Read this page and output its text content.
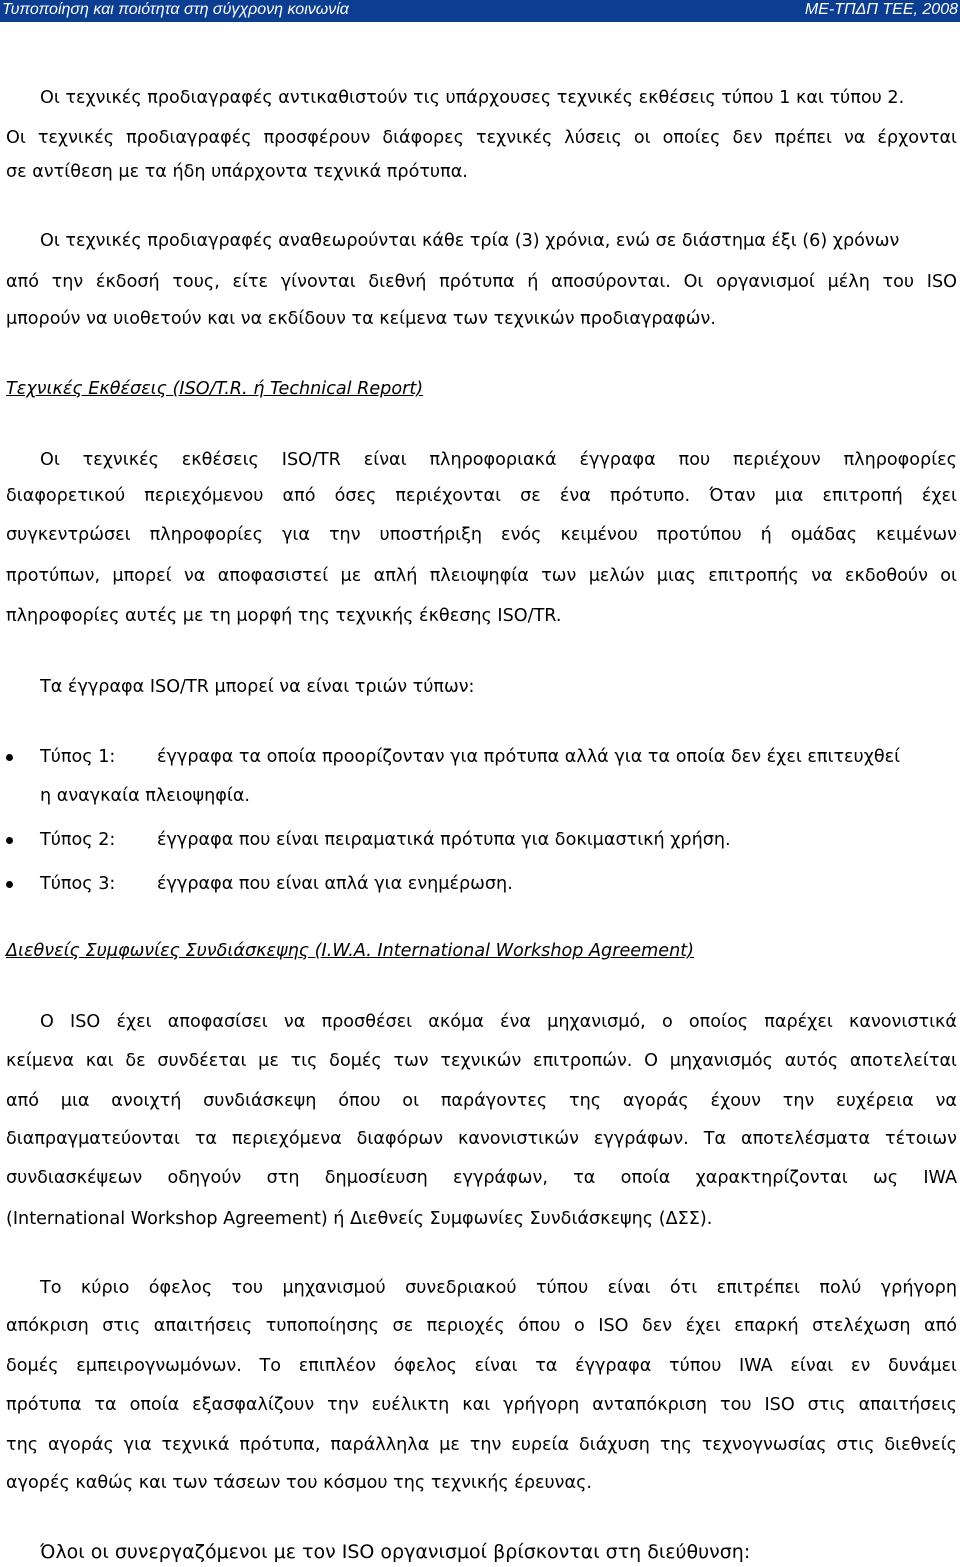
Τυποποίηση και ποιότητα στη σύγχρονη κοινωνία	ΜΕ-ΤΠΔΠ ΤΕΕ, 2008
Οι τεχνικές προδιαγραφές αντικαθιστούν τις υπάρχουσες τεχνικές εκθέσεις τύπου 1 και τύπου 2.
Οι τεχνικές προδιαγραφές προσφέρουν διάφορες τεχνικές λύσεις οι οποίες δεν πρέπει να έρχονται
σε αντίθεση με τα ήδη υπάρχοντα τεχνικά πρότυπα.
Οι τεχνικές προδιαγραφές αναθεωρούνται κάθε τρία (3) χρόνια, ενώ σε διάστημα έξι (6) χρόνων
από την έκδοσή τους, είτε γίνονται διεθνή πρότυπα ή αποσύρονται. Οι οργανισμοί μέλη του ISO
μπορούν να υιοθετούν και να εκδίδουν τα κείμενα των τεχνικών προδιαγραφών.
Τεχνικές Εκθέσεις (ISO/T.R. ή Technical Report)
Οι τεχνικές εκθέσεις ISO/TR είναι πληροφοριακά έγγραφα που περιέχουν πληροφορίες
διαφορετικού περιεχόμενου από όσες περιέχονται σε ένα πρότυπο. Όταν μια επιτροπή έχει
συγκεντρώσει πληροφορίες για την υποστήριξη ενός κειμένου προτύπου ή ομάδας κειμένων
προτύπων, μπορεί να αποφασιστεί με απλή πλειοψηφία των μελών μιας επιτροπής να εκδοθούν οι
πληροφορίες αυτές με τη μορφή της τεχνικής έκθεσης ISO/TR.
Τα έγγραφα ISO/TR μπορεί να είναι τριών τύπων:
Τύπος 1: έγγραφα τα οποία προορίζονταν για πρότυπα αλλά για τα οποία δεν έχει επιτευχθεί
η αναγκαία πλειοψηφία.
Τύπος 2: έγγραφα που είναι πειραματικά πρότυπα για δοκιμαστική χρήση.
Τύπος 3: έγγραφα που είναι απλά για ενημέρωση.
Διεθνείς Συμφωνίες Συνδιάσκεψης (I.W.A. International Workshop Agreement)
Ο ISO έχει αποφασίσει να προσθέσει ακόμα ένα μηχανισμό, ο οποίος παρέχει κανονιστικά
κείμενα και δε συνδέεται με τις δομές των τεχνικών επιτροπών. Ο μηχανισμός αυτός αποτελείται
από μια ανοιχτή συνδιάσκεψη όπου οι παράγοντες της αγοράς έχουν την ευχέρεια να
διαπραγματεύονται τα περιεχόμενα διαφόρων κανονιστικών εγγράφων. Τα αποτελέσματα τέτοιων
συνδιασκέψεων οδηγούν στη δημοσίευση εγγράφων, τα οποία χαρακτηρίζονται ως IWA
(International Workshop Agreement) ή Διεθνείς Συμφωνίες Συνδιάσκεψης (ΔΣΣ).
Το κύριο όφελος του μηχανισμού συνεδριακού τύπου είναι ότι επιτρέπει πολύ γρήγορη
απόκριση στις απαιτήσεις τυποποίησης σε περιοχές όπου ο ISO δεν έχει επαρκή στελέχωση από
δομές εμπειρογνωμόνων. Το επιπλέον όφελος είναι τα έγγραφα τύπου IWA είναι εν δυνάμει
πρότυπα τα οποία εξασφαλίζουν την ευέλικτη και γρήγορη ανταπόκριση του ISO στις απαιτήσεις
της αγοράς για τεχνικά πρότυπα, παράλληλα με την ευρεία διάχυση της τεχνογνωσίας στις διεθνείς
αγορές καθώς και των τάσεων του κόσμου της τεχνικής έρευνας.
Όλοι οι συνεργαζόμενοι με τον ISO οργανισμοί βρίσκονται στη διεύθυνση:
